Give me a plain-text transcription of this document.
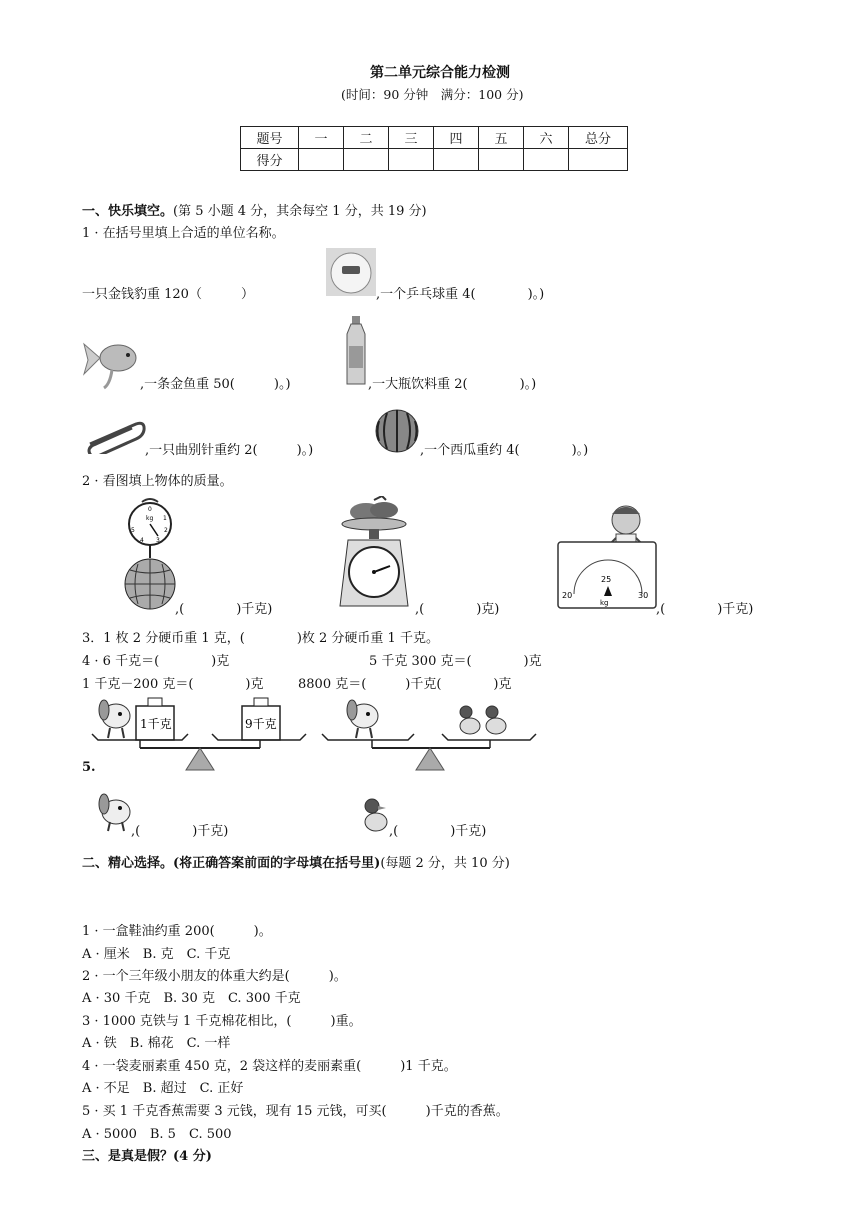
第二单元综合能力检测
(时间：90 分钟　满分：100 分)
题号	一	二	三	四	五	六	总分
得分							
一、快乐填空。(第 5 小题 4 分，其余每空 1 分，共 19 分)
1 · 在括号里填上合适的单位名称。
一只金钱豹重 120（　　　）	,一个乒乓球重 4(　　　　)。)
,一条金鱼重 50(　　　)。)	,一大瓶饮料重 2(　　　　)。)
,一只曲别针重约 2(　　　)。)	,一个西瓜重约 4(　　　　)。)
2 · 看图填上物体的质量。
0
kg 1
2
3
4
5
,(　　　　)千克)	,(　　　　)克)
25
20	30
kg	,(　　　　)千克)
3．1 枚 2 分硬币重 1 克，(　　　　)枚 2 分硬币重 1 千克。
4 · 6 千克＝(　　　　)克	5 千克 300 克＝(　　　　)克
1 千克－200 克＝(　　　　)克	8800 克＝(　　　)千克(　　　　)克
1千克	9千克
5.
,(　　　　)千克)	,(　　　　)千克)
二、精心选择。(将正确答案前面的字母填在括号里)(每题 2 分，共 10 分)
1 · 一盒鞋油约重 200(　　　)。
A · 厘米　B. 克　C. 千克
2 · 一个三年级小朋友的体重大约是(　　　)。
A · 30 千克　B. 30 克　C. 300 千克
3 · 1000 克铁与 1 千克棉花相比，(　　　)重。
A · 铁　B. 棉花　C. 一样
4 · 一袋麦丽素重 450 克，2 袋这样的麦丽素重(　　　)1 千克。
A · 不足　B. 超过　C. 正好
5 · 买 1 千克香蕉需要 3 元钱，现有 15 元钱，可买(　　　)千克的香蕉。
A · 5000　B. 5　C. 500
三、是真是假？(4 分)
